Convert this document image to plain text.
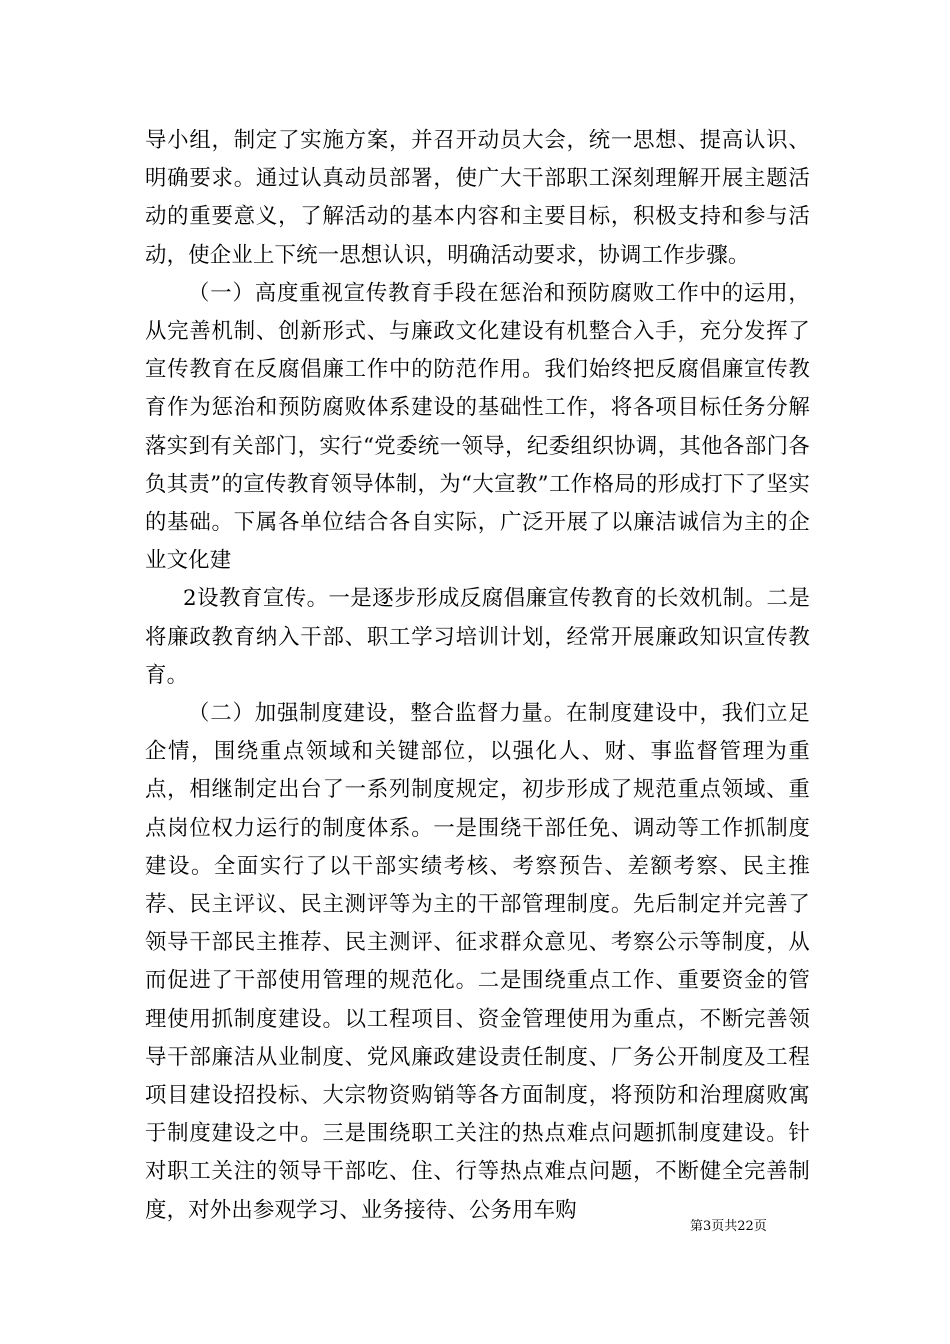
导小组，制定了实施方案，并召开动员大会，统一思想、提高认识、明确要求。通过认真动员部署，使广大干部职工深刻理解开展主题活动的重要意义，了解活动的基本内容和主要目标，积极支持和参与活动，使企业上下统一思想认识，明确活动要求，协调工作步骤。

（一）高度重视宣传教育手段在惩治和预防腐败工作中的运用，从完善机制、创新形式、与廉政文化建设有机整合入手，充分发挥了宣传教育在反腐倡廉工作中的防范作用。我们始终把反腐倡廉宣传教育作为惩治和预防腐败体系建设的基础性工作，将各项目标任务分解落实到有关部门，实行“党委统一领导，纪委组织协调，其他各部门各负其责”的宣传教育领导体制，为“大宣教”工作格局的形成打下了坚实的基础。下属各单位结合各自实际，广泛开展了以廉洁诚信为主的企业文化建

2设教育宣传。一是逐步形成反腐倡廉宣传教育的长效机制。二是将廉政教育纳入干部、职工学习培训计划，经常开展廉政知识宣传教育。

（二）加强制度建设，整合监督力量。在制度建设中，我们立足企情，围绕重点领域和关键部位，以强化人、财、事监督管理为重点，相继制定出台了一系列制度规定，初步形成了规范重点领域、重点岗位权力运行的制度体系。一是围绕干部任免、调动等工作抓制度建设。全面实行了以干部实绩考核、考察预告、差额考察、民主推荐、民主评议、民主测评等为主的干部管理制度。先后制定并完善了领导干部民主推荐、民主测评、征求群众意见、考察公示等制度，从而促进了干部使用管理的规范化。二是围绕重点工作、重要资金的管理使用抓制度建设。以工程项目、资金管理使用为重点，不断完善领导干部廉洁从业制度、党风廉政建设责任制度、厂务公开制度及工程项目建设招投标、大宗物资购销等各方面制度，将预防和治理腐败寓于制度建设之中。三是围绕职工关注的热点难点问题抓制度建设。针对职工关注的领导干部吃、住、行等热点难点问题，不断健全完善制度，对外出参观学习、业务接待、公务用车购

第3页共22页
